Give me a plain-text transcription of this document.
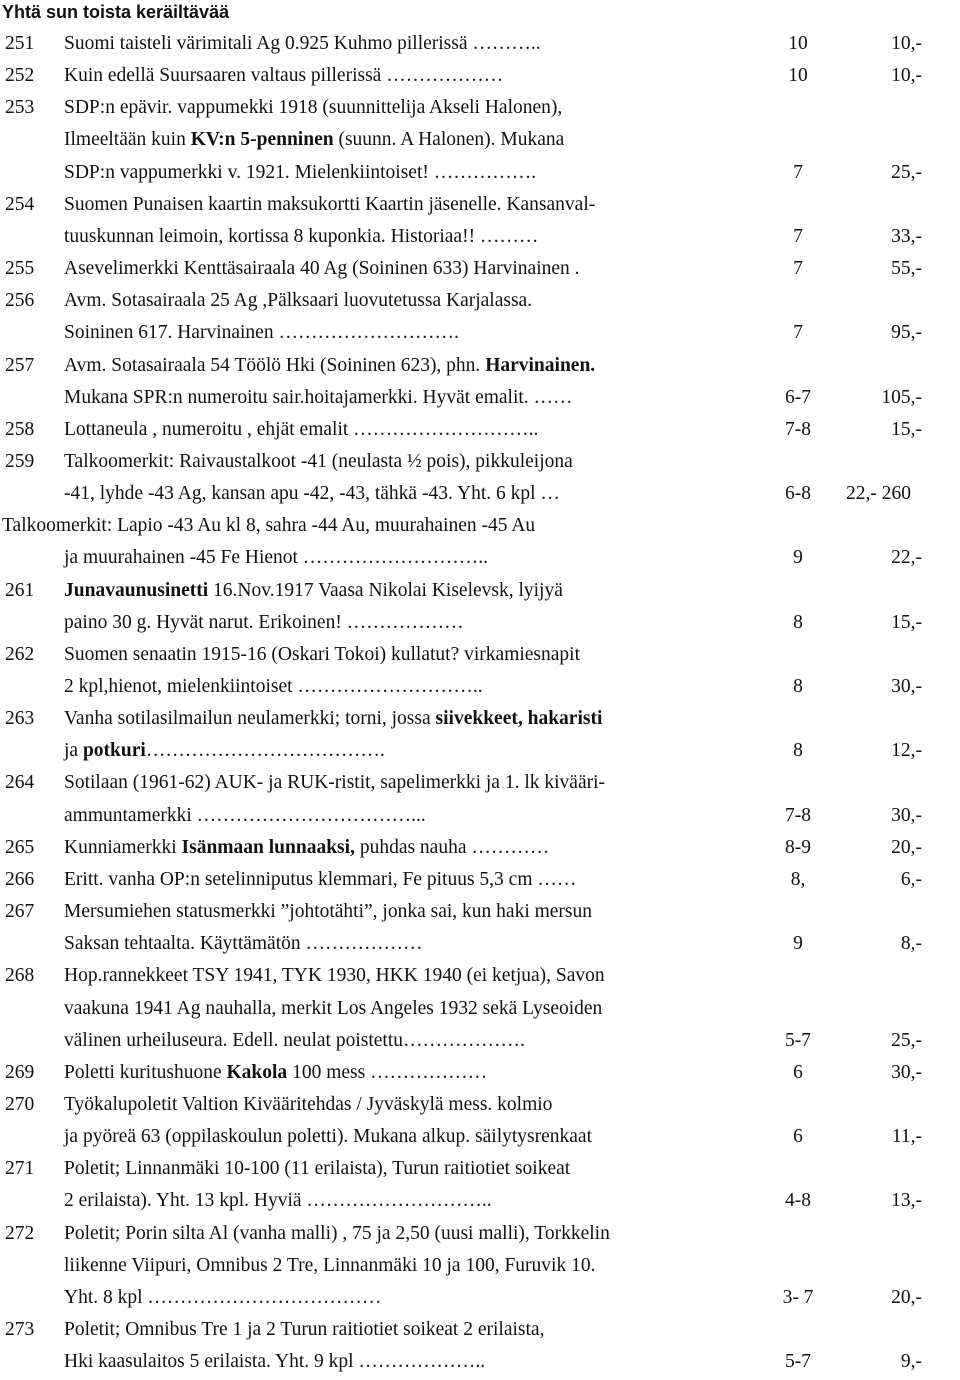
Yhtä sun toista keräiltävää
251 Suomi taisteli värimitali Ag 0.925 Kuhmo pillerissä ………..	10	10,-
252 Kuin edellä Suursaaren valtaus pillerissä ………………	10	10,-
253 SDP:n epävir. vappumekki 1918 (suunnittelija Akseli Halonen),
Ilmeeltään kuin KV:n 5-penninen (suunn. A Halonen). Mukana
SDP:n vappumerkki v. 1921. Mielenkiintoiset! …………….	7	25,-
254 Suomen Punaisen kaartin maksukortti Kaartin jäsenelle. Kansanval-
tuuskunnan leimoin, kortissa 8 kuponkia. Historiaa!! ………	7	33,-
255 Asevelimerkki Kenttäsairaala 40 Ag (Soininen 633) Harvinainen .	7	55,-
256 Avm. Sotasairaala 25 Ag ,Pälksaari luovutetussa Karjalassa.
Soininen 617. Harvinainen ……………………….	7	95,-
257 Avm. Sotasairaala 54 Töölö Hki (Soininen 623), phn. Harvinainen.
Mukana SPR:n numeroitu sair.hoitajamerkki. Hyvät emalit. ……	6-7	105,-
258 Lottaneula , numeroitu , ehjät emalit ………………………..	7-8	15,-
259 Talkoomerkit: Raivaustalkoot -41 (neulasta ½ pois), pikkuleijona
-41, lyhde -43 Ag, kansan apu -42, -43, tähkä -43. Yht. 6 kpl …	6-8	22,- 260
Talkoomerkit: Lapio -43 Au kl 8, sahra -44 Au, muurahainen -45 Au
ja muurahainen -45 Fe Hienot ………………………..	9	22,-
261 Junavaunusinetti 16.Nov.1917 Vaasa Nikolai Kiselevsk, lyijyä
paino 30 g. Hyvät narut. Erikoinen! ………………	8	15,-
262 Suomen senaatin 1915-16 (Oskari Tokoi) kullatut? virkamiesnapit
2 kpl,hienot, mielenkiintoiset ………………………..	8	30,-
263 Vanha sotilasilmailun neulamerkki; torni, jossa siivekkeet, hakaristi
ja potkuri……………………………….	8	12,-
264 Sotilaan (1961-62) AUK- ja RUK-ristit, sapelimerkki ja 1. lk kivääri-
ammuntamerkki ……………………………...	7-8	30,-
265 Kunniamerkki Isänmaan lunnaaksi, puhdas nauha …………	8-9	20,-
266 Eritt. vanha OP:n setelinniputus klemmari, Fe pituus 5,3 cm ……	8,	6,-
267 Mersumiehen statusmerkki ”johtotähti”, jonka sai, kun haki mersun
Saksan tehtaalta. Käyttämätön ………………	9	8,-
268 Hop.rannekkeet TSY 1941, TYK 1930, HKK 1940 (ei ketjua), Savon
vaakuna 1941 Ag nauhalla, merkit Los Angeles 1932 sekä Lyseoiden
välinen urheiluseura. Edell. neulat poistettu……………….	5-7	25,-
269 Poletti kuritushuone Kakola 100 mess ………………	6	30,-
270 Työkalupoletit Valtion Kivääritehdas / Jyväskylä mess. kolmio
ja pyöreä 63 (oppilaskoulun poletti). Mukana alkup. säilytysrenkaat	6	11,-
271 Poletit; Linnanmäki 10-100 (11 erilaista), Turun raitiotiet soikeat
2 erilaista). Yht. 13 kpl. Hyviä ………………………..	4-8	13,-
272 Poletit; Porin silta Al (vanha malli) , 75 ja 2,50 (uusi malli), Torkkelin
liikenne Viipuri, Omnibus 2 Tre, Linnanmäki 10 ja 100, Furuvik 10.
Yht. 8 kpl ………………………………	3- 7	20,-
273 Poletit; Omnibus Tre 1 ja 2 Turun raitiotiet soikeat 2 erilaista,
Hki kaasulaitos 5 erilaista. Yht. 9 kpl ………………..	5-7	9,-
